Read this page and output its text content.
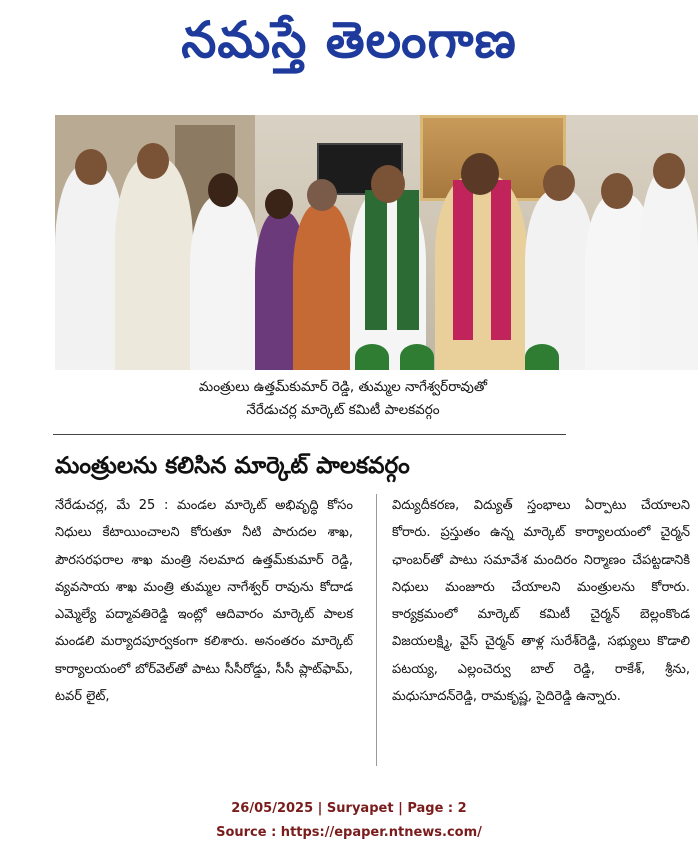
నమస్తే తెలంగాణ
మంత్రులు ఉత్తమ్‌కుమార్ రెడ్డి, తుమ్మల నాగేశ్వర్‌రావుతో
నేరేడుచర్ల మార్కెట్ కమిటీ పాలకవర్గం
మంత్రులను కలిసిన మార్కెట్ పాలకవర్గం
నేరేడుచర్ల, మే 25 : మండల మార్కెట్ అభివృద్ధి కోసం నిధులు కేటాయించాలని కోరుతూ నీటి పారుదల శాఖ, పౌరసరఫరాల శాఖ మంత్రి నలమాద ఉత్తమ్‌కుమార్ రెడ్డి, వ్యవసాయ శాఖ మంత్రి తుమ్మల నాగేశ్వర్ రావును కోదాడ ఎమ్మెల్యే పద్మావతిరెడ్డి ఇంట్లో ఆదివారం మార్కెట్ పాలక మండలి మర్యాదపూర్వకంగా కలిశారు. అనంతరం మార్కెట్ కార్యాలయంలో బోర్‌వెల్‌తో పాటు సీసీరోడ్డు, సీసీ ప్లాట్‌ఫామ్, టవర్ లైట్,
విద్యుదీకరణ, విద్యుత్ స్తంభాలు ఏర్పాటు చేయాలని కోరారు. ప్రస్తుతం ఉన్న మార్కెట్ కార్యాలయంలో చైర్మన్ ఛాంబర్‌తో పాటు సమావేశ మందిరం నిర్మాణం చేపట్టడానికి నిధులు మంజూరు చేయాలని మంత్రులను కోరారు. కార్యక్రమంలో మార్కెట్ కమిటీ చైర్మన్ బెల్లంకొండ విజయలక్ష్మి, వైస్ చైర్మన్ తాళ్ల సురేశ్‌రెడ్డి, సభ్యులు కొడాలి పటయ్య, ఎల్లంచెర్వు బాల్ రెడ్డి, రాకేశ్, శ్రీను, మధుసూదన్‌రెడ్డి, రామకృష్ణ, సైదిరెడ్డి ఉన్నారు.
26/05/2025 | Suryapet | Page : 2
Source : https://epaper.ntnews.com/
